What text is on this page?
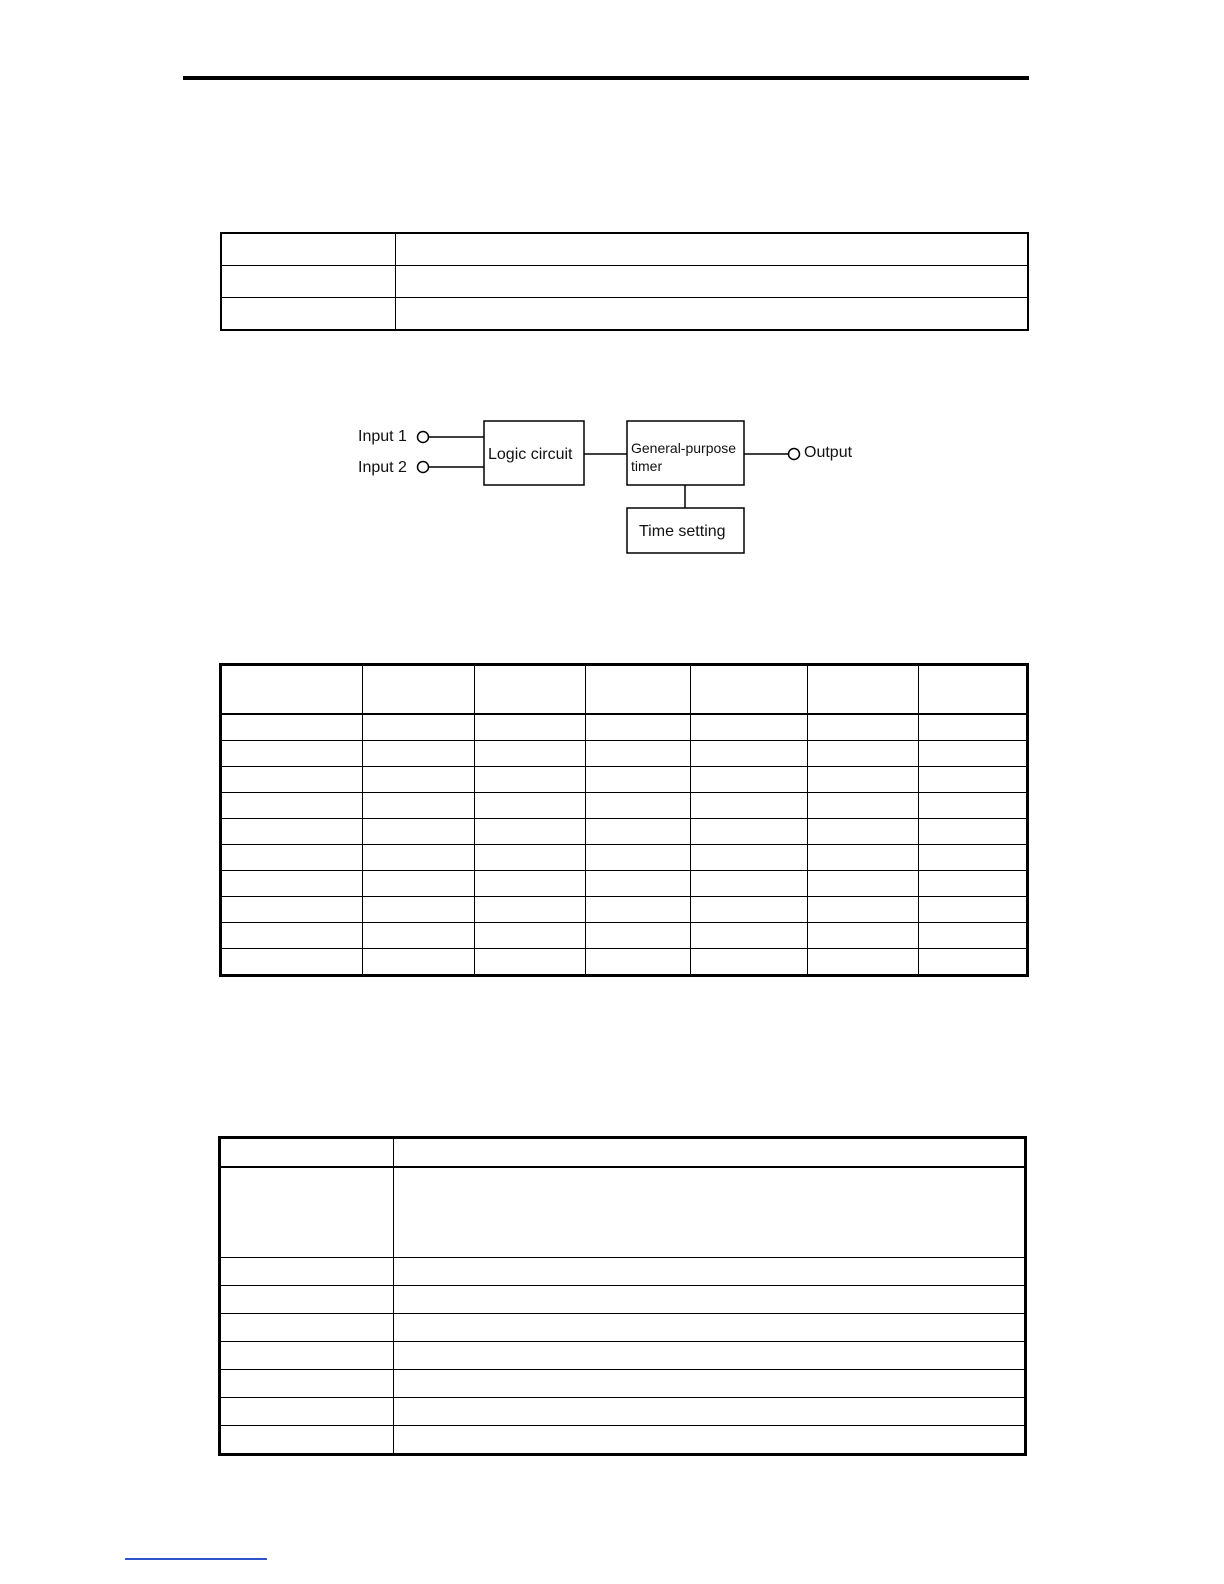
Input 1
Input 2
Logic circuit	General-purpose
timer
Time setting
Output
